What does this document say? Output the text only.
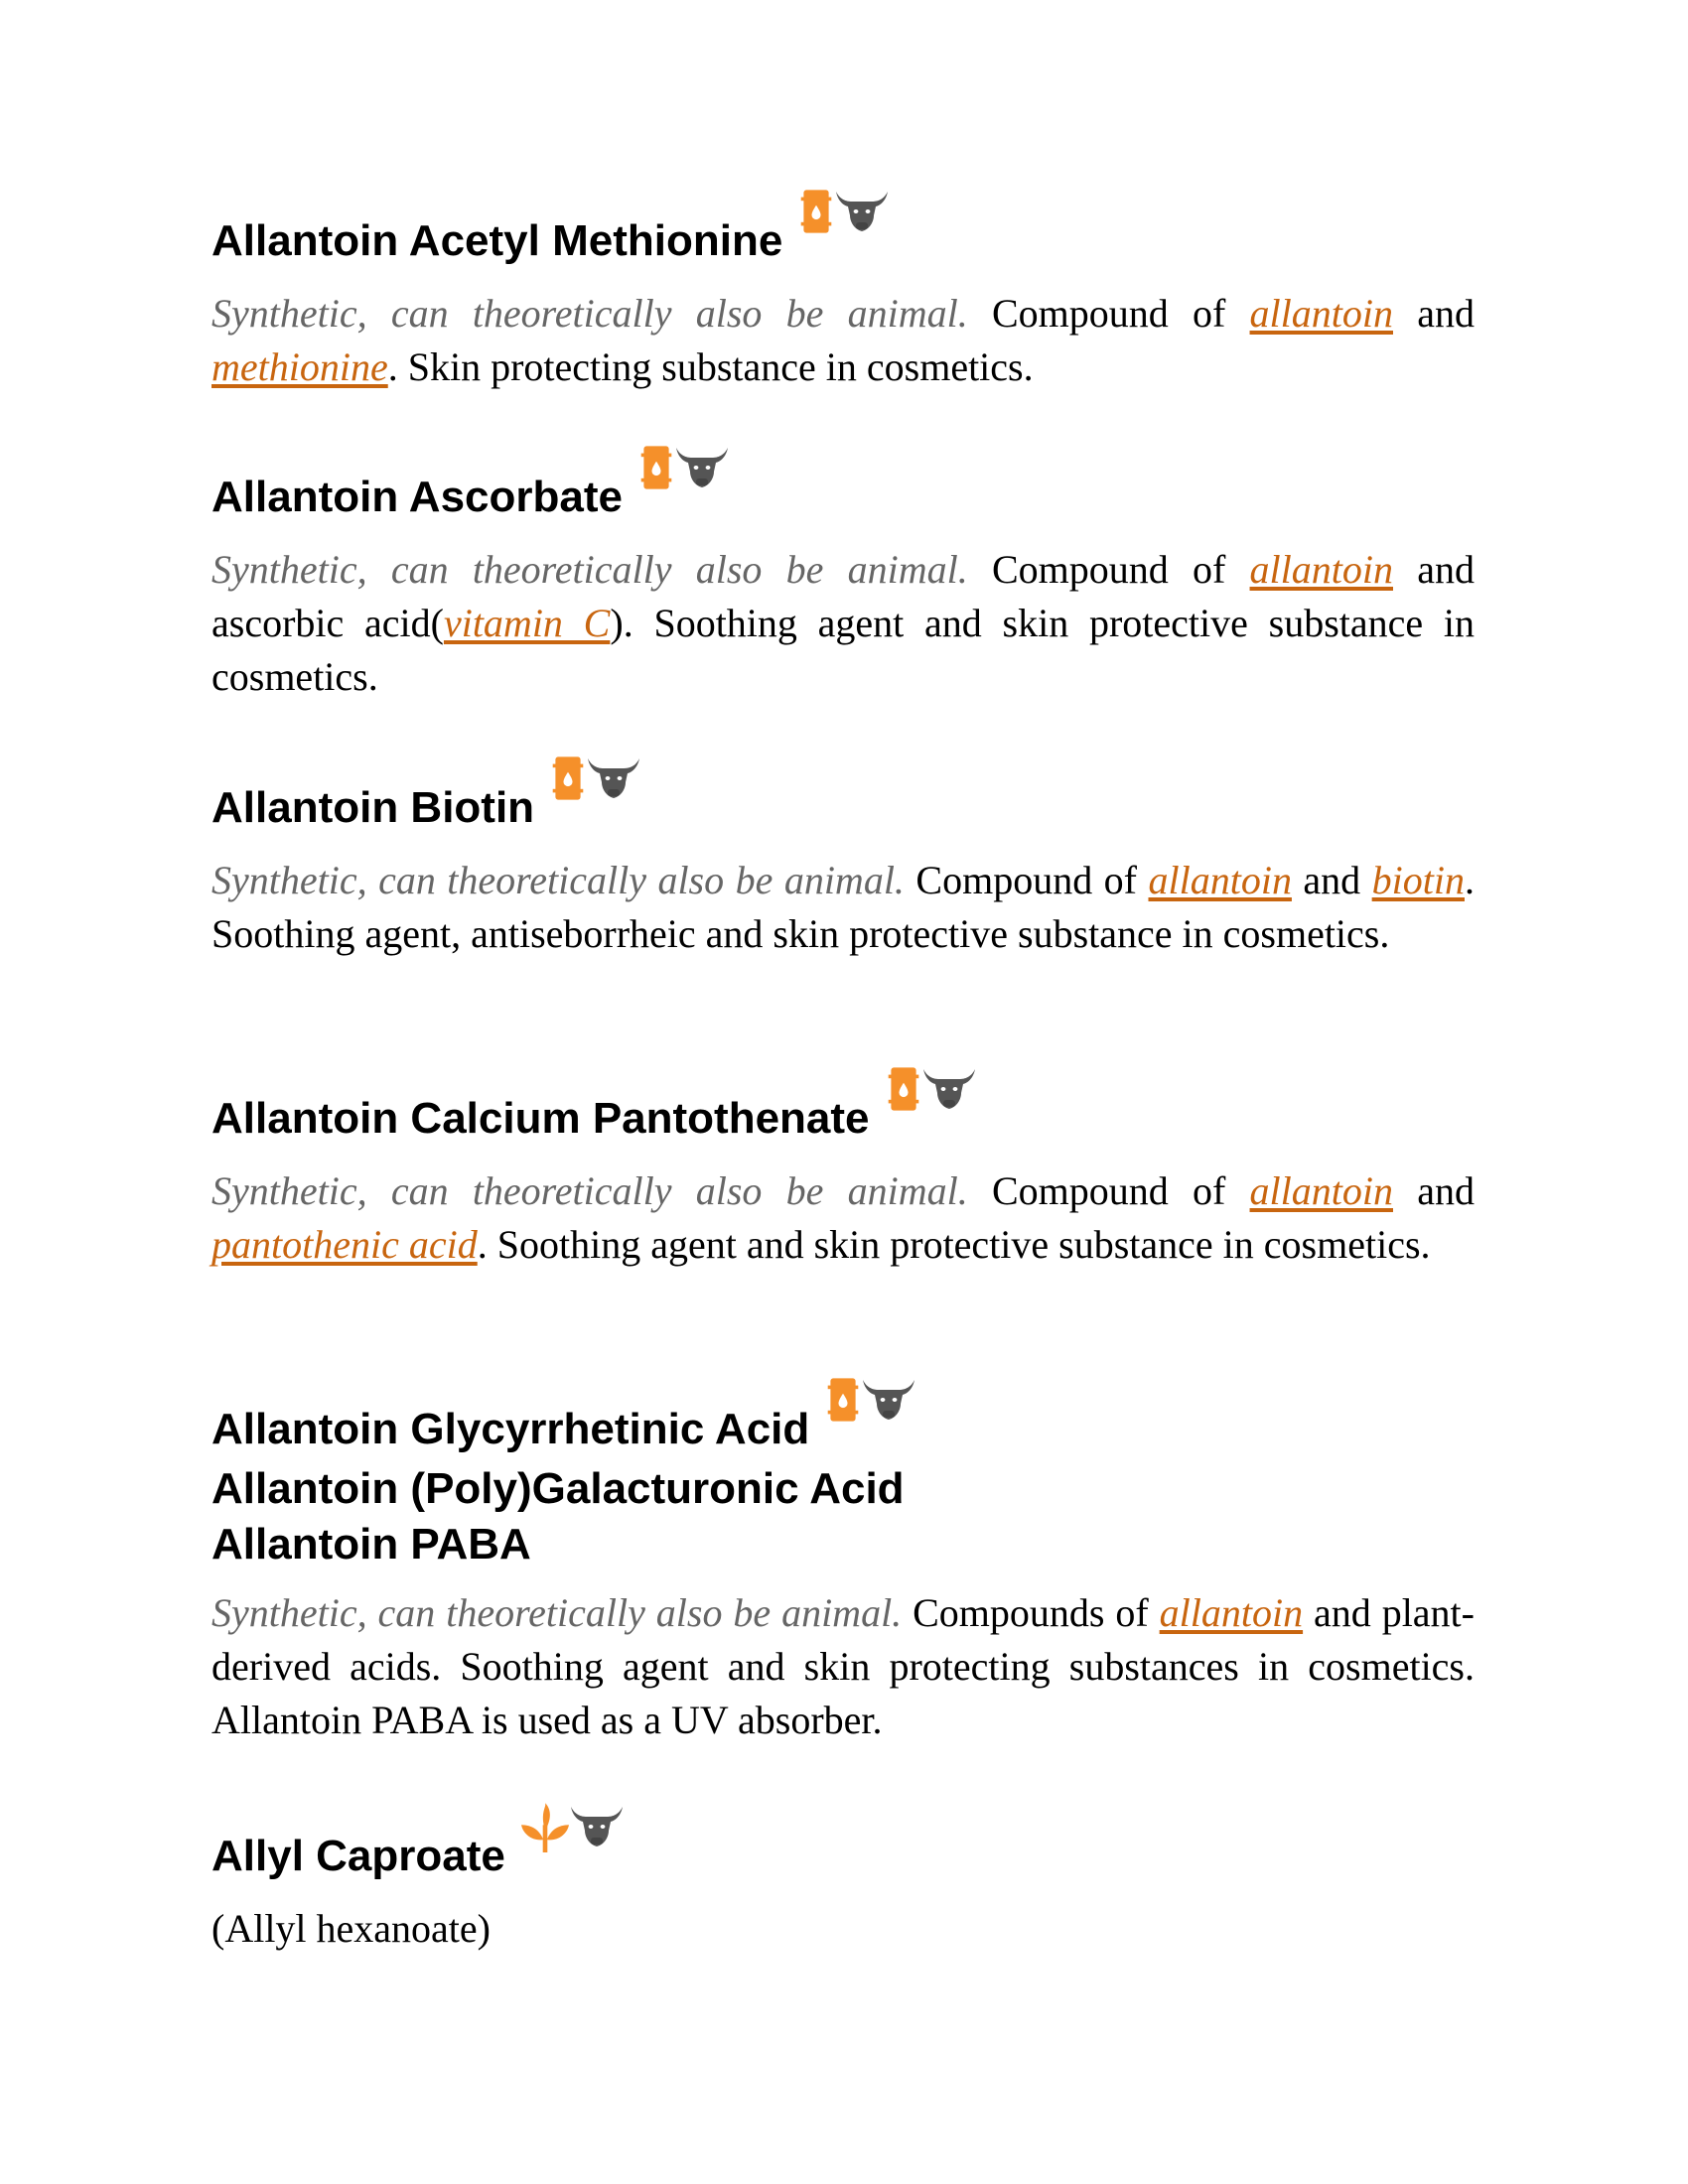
Allantoin Acetyl Methionine

Synthetic, can theoretically also be animal. Compound of allantoin and methionine. Skin protecting substance in cosmetics.

Allantoin Ascorbate

Synthetic, can theoretically also be animal. Compound of allantoin and ascorbic acid(vitamin C). Soothing agent and skin protective substance in cosmetics.

Allantoin Biotin

Synthetic, can theoretically also be animal. Compound of allantoin and biotin. Soothing agent, antiseborrheic and skin protective substance in cosmetics.

Allantoin Calcium Pantothenate

Synthetic, can theoretically also be animal. Compound of allantoin and pantothenic acid. Soothing agent and skin protective substance in cosmetics.

Allantoin Glycyrrhetinic Acid
Allantoin (Poly)Galacturonic Acid
Allantoin PABA

Synthetic, can theoretically also be animal. Compounds of allantoin and plant-derived acids. Soothing agent and skin protecting substances in cosmetics. Allantoin PABA is used as a UV absorber.

Allyl Caproate

(Allyl hexanoate)
